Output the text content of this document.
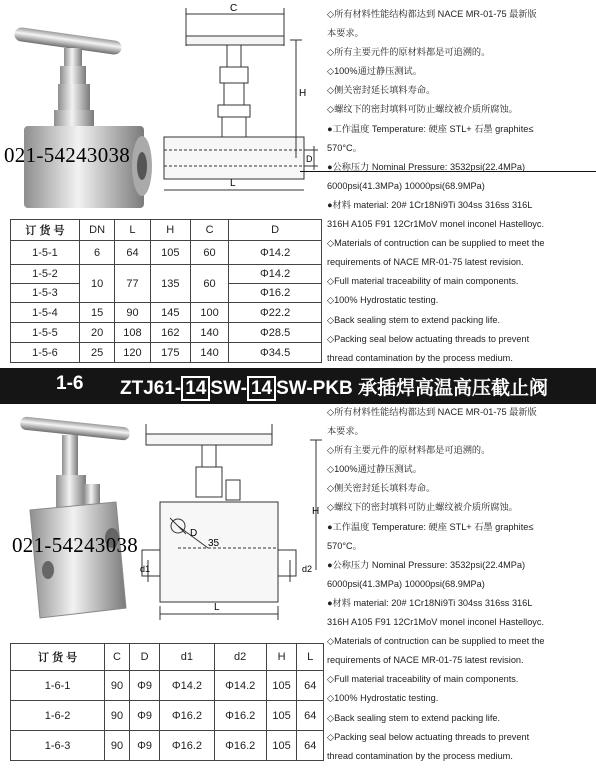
021-54243038
C
H
D
L
◇所有材料性能结构都达到 NACE MR-01-75 最新版
本要求。
◇所有主要元件的原材料都是可追溯的。
◇100%通过静压测试。
◇侧关密封延长填料寿命。
◇螺纹下的密封填料可防止螺纹被介质所腐蚀。
●工作温度 Temperature: 硬座 STL+ 石墨 graphite≤
570°C。
●公称压力 Nominal Pressure: 3532psi(22.4MPa)
6000psi(41.3MPa) 10000psi(68.9MPa)
●材料 material: 20# 1Cr18Ni9Ti 304ss 316ss 316L
316H A105 F91 12Cr1MoV monel inconel Hastelloyc.
◇Materials of contruction can be supplied to meet the
requirements of NACE MR-01-75 latest revision.
◇Full material traceability of main components.
◇100% Hydrostatic testing.
◇Back sealing stem to extend packing life.
◇Packing seal below actuating threads to prevent
thread contamination by the process medium.
订 货 号	DN	L	H	C	D
1-5-1	6	64	105	60	Φ14.2
1-5-2	10	77	135	60	Φ14.2
1-5-3					Φ16.2
1-5-4	15	90	145	100	Φ22.2
1-5-5	20	108	162	140	Φ28.5
1-5-6	25	120	175	140	Φ34.5
1-6 ZTJ61- 14 SW- 14 SW-PKB 承插焊高温高压截止阀
021-54243038	D
35
d1	d2
H
L
◇所有材料性能结构都达到 NACE MR-01-75 最新版
本要求。
◇所有主要元件的原材料都是可追溯的。
◇100%通过静压测试。
◇侧关密封延长填料寿命。
◇螺纹下的密封填料可防止螺纹被介质所腐蚀。
●工作温度 Temperature: 硬座 STL+ 石墨 graphite≤
570°C。
●公称压力 Nominal Pressure: 3532psi(22.4MPa)
6000psi(41.3MPa) 10000psi(68.9MPa)
●材料 material: 20# 1Cr18Ni9Ti 304ss 316ss 316L
316H A105 F91 12Cr1MoV monel inconel Hastelloyc.
◇Materials of contruction can be supplied to meet the
requirements of NACE MR-01-75 latest revision.
◇Full material traceability of main components.
◇100% Hydrostatic testing.
◇Back sealing stem to extend packing life.
◇Packing seal below actuating threads to prevent
thread contamination by the process medium.
订 货 号	C	D	d1	d2	H	L
1-6-1	90	Φ9	Φ14.2	Φ14.2	105	64
1-6-2	90	Φ9	Φ16.2	Φ16.2	105	64
1-6-3	90	Φ9	Φ16.2	Φ16.2	105	64
